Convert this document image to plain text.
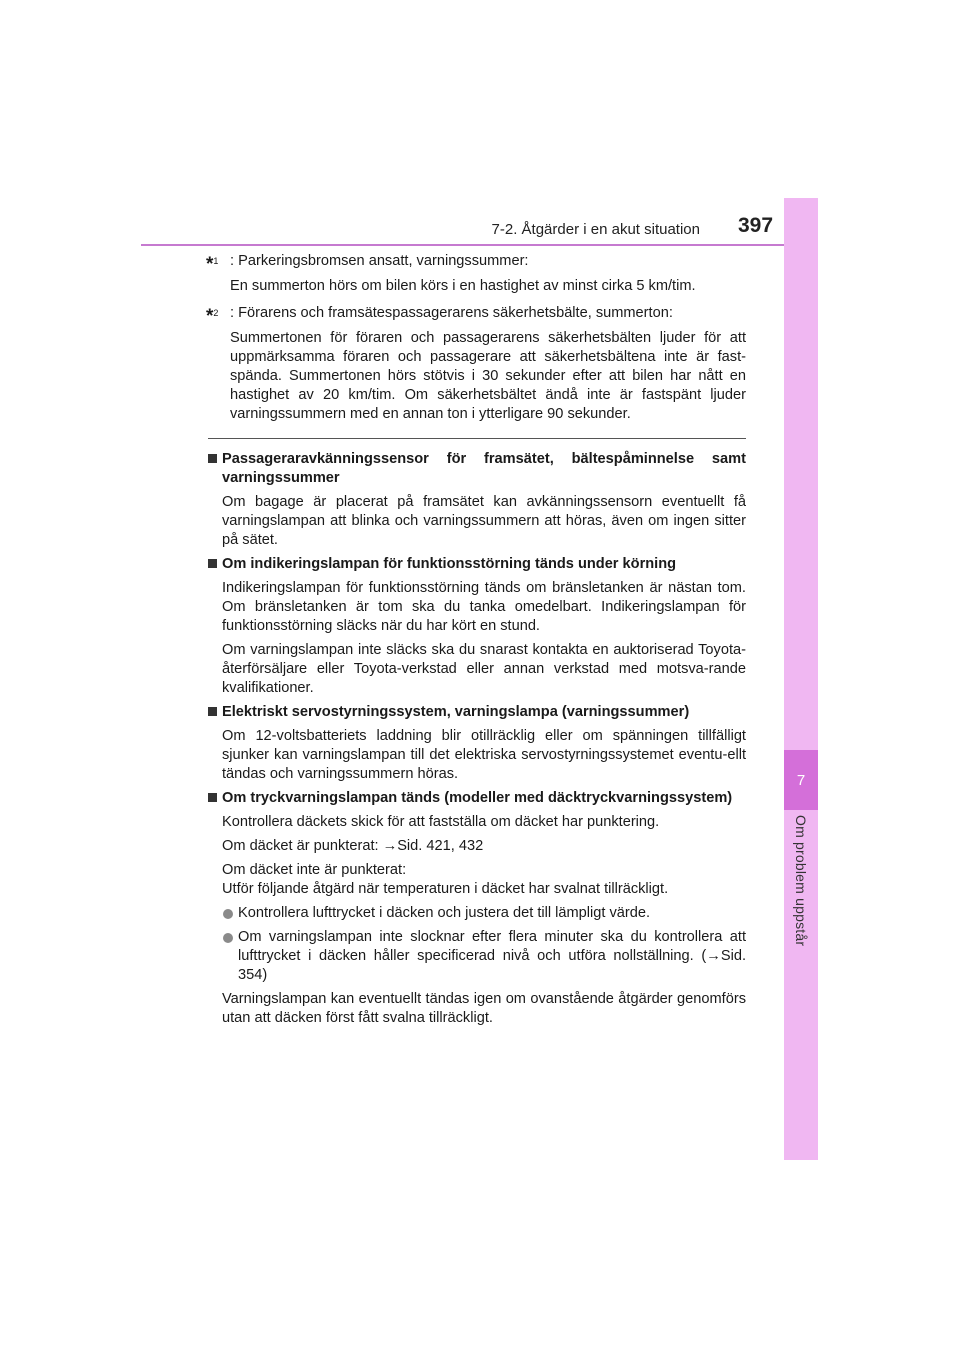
7-2. Åtgärder i en akut situation 397
7
Om problem uppstår
*$^1$ : Parkeringsbromsen ansatt, varningssummer:
En summerton hörs om bilen körs i en hastighet av minst cirka 5 km/tim.
*$^2$ : Förarens och framsätespassagerarens säkerhetsbälte, summerton:
Summertonen för föraren och passagerarens säkerhetsbälten ljuder för att uppmärksamma föraren och passagerare att säkerhetsbältena inte är fast-spända. Summertonen hörs stötvis i 30 sekunder efter att bilen har nått en hastighet av 20 km/tim. Om säkerhetsbältet ändå inte är fastspänt ljuder varningssummern med en annan ton i ytterligare 90 sekunder.
Passageraravkänningssensor för framsätet, bältespåminnelse samt varningssummer
Om bagage är placerat på framsätet kan avkänningssensorn eventuellt få varningslampan att blinka och varningssummern att höras, även om ingen sitter på sätet.
Om indikeringslampan för funktionsstörning tänds under körning
Indikeringslampan för funktionsstörning tänds om bränsletanken är nästan tom. Om bränsletanken är tom ska du tanka omedelbart. Indikeringslampan för funktionsstörning släcks när du har kört en stund.
Om varningslampan inte släcks ska du snarast kontakta en auktoriserad Toyota-återförsäljare eller Toyota-verkstad eller annan verkstad med motsva-rande kvalifikationer.
Elektriskt servostyrningssystem, varningslampa (varningssummer)
Om 12-voltsbatteriets laddning blir otillräcklig eller om spänningen tillfälligt sjunker kan varningslampan till det elektriska servostyrningssystemet eventu-ellt tändas och varningssummern höras.
Om tryckvarningslampan tänds (modeller med däcktryckvarningssystem)
Kontrollera däckets skick för att fastställa om däcket har punktering.
Om däcket är punkterat: →Sid. 421, 432
Om däcket inte är punkterat:
Utför följande åtgärd när temperaturen i däcket har svalnat tillräckligt.
Kontrollera lufttrycket i däcken och justera det till lämpligt värde.
Om varningslampan inte slocknar efter flera minuter ska du kontrollera att lufttrycket i däcken håller specificerad nivå och utföra nollställning. (→Sid. 354)
Varningslampan kan eventuellt tändas igen om ovanstående åtgärder genomförs utan att däcken först fått svalna tillräckligt.
